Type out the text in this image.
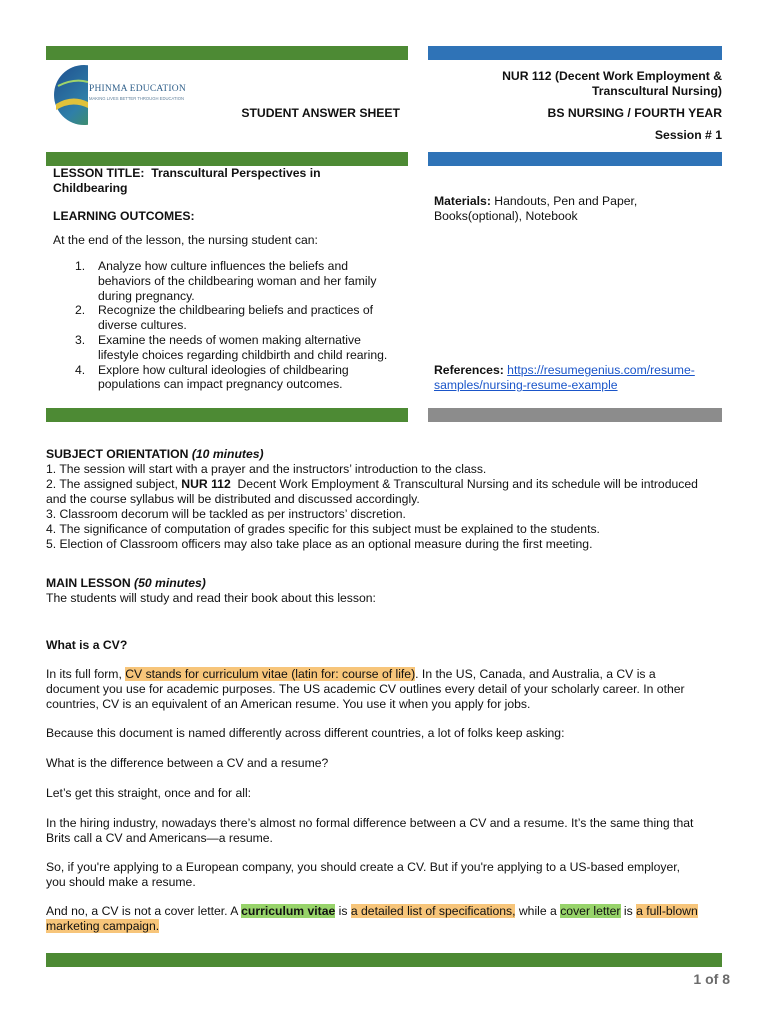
PHINMA EDUCATION
MAKING LIVES BETTER THROUGH EDUCATION
STUDENT ANSWER SHEET
NUR 112 (Decent Work Employment &
Transcultural Nursing)
BS NURSING / FOURTH YEAR
Session # 1
LESSON TITLE: Transcultural Perspectives in
Childbearing
LEARNING OUTCOMES:
At the end of the lesson, the nursing student can:
1. Analyze how culture influences the beliefs and
behaviors of the childbearing woman and her family
during pregnancy.
2. Recognize the childbearing beliefs and practices of
diverse cultures.
3. Examine the needs of women making alternative
lifestyle choices regarding childbirth and child rearing.
4. Explore how cultural ideologies of childbearing
populations can impact pregnancy outcomes.
Materials: Handouts, Pen and Paper,
Books(optional), Notebook
References: https://resumegenius.com/resume-
samples/nursing-resume-example

SUBJECT ORIENTATION (10 minutes)

1. The session will start with a prayer and the instructors’ introduction to the class.

2. The assigned subject, NUR 112  Decent Work Employment & Transcultural Nursing and its schedule will be introduced

and the course syllabus will be distributed and discussed accordingly.

3. Classroom decorum will be tackled as per instructors’ discretion.

4. The significance of computation of grades specific for this subject must be explained to the students.

5. Election of Classroom officers may also take place as an optional measure during the first meeting.

MAIN LESSON (50 minutes)

The students will study and read their book about this lesson:

What is a CV?

In its full form, CV stands for curriculum vitae (latin for: course of life). In the US, Canada, and Australia, a CV is a

document you use for academic purposes. The US academic CV outlines every detail of your scholarly career. In other

countries, CV is an equivalent of an American resume. You use it when you apply for jobs.

Because this document is named differently across different countries, a lot of folks keep asking:
What is the difference between a CV and a resume?
Let’s get this straight, once and for all:

In the hiring industry, nowadays there’s almost no formal difference between a CV and a resume. It’s the same thing that

Brits call a CV and Americans—a resume.

So, if you're applying to a European company, you should create a CV. But if you're applying to a US-based employer,

you should make a resume.

And no, a CV is not a cover letter. A curriculum vitae is a detailed list of specifications, while a cover letter is a full-blown

marketing campaign.

1 of 8
